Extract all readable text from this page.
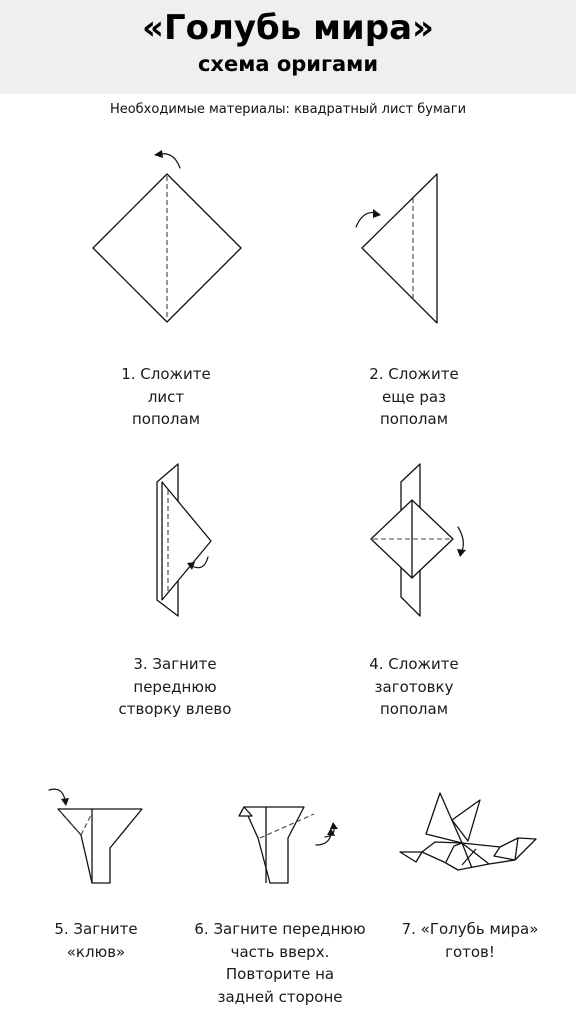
«Голубь мира»
схема оригами
Необходимые материалы: квадратный лист бумаги
1. Сложите
лист
пополам
2. Сложите
еще раз
пополам
3. Загните
переднюю
створку влево
4. Сложите
заготовку
пополам
5. Загните
«клюв»
6. Загните переднюю
часть вверх.
Повторите на
задней стороне
7. «Голубь мира»
готов!
